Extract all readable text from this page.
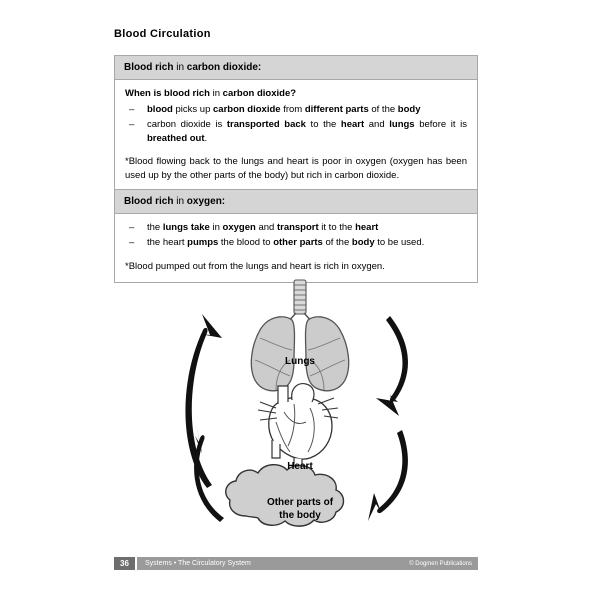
Blood Circulation
Blood rich in carbon dioxide:
When is blood rich in carbon dioxide?
– blood picks up carbon dioxide from different parts of the body
– carbon dioxide is transported back to the heart and lungs before it is breathed out.
*Blood flowing back to the lungs and heart is poor in oxygen (oxygen has been used up by the other parts of the body) but rich in carbon dioxide.
Blood rich in oxygen:
– the lungs take in oxygen and transport it to the heart
– the heart pumps the blood to other parts of the body to be used.
*Blood pumped out from the lungs and heart is rich in oxygen.
Lungs
Heart
Other parts of
the body
36	Systems • The Circulatory System	© Dogmen Publications
